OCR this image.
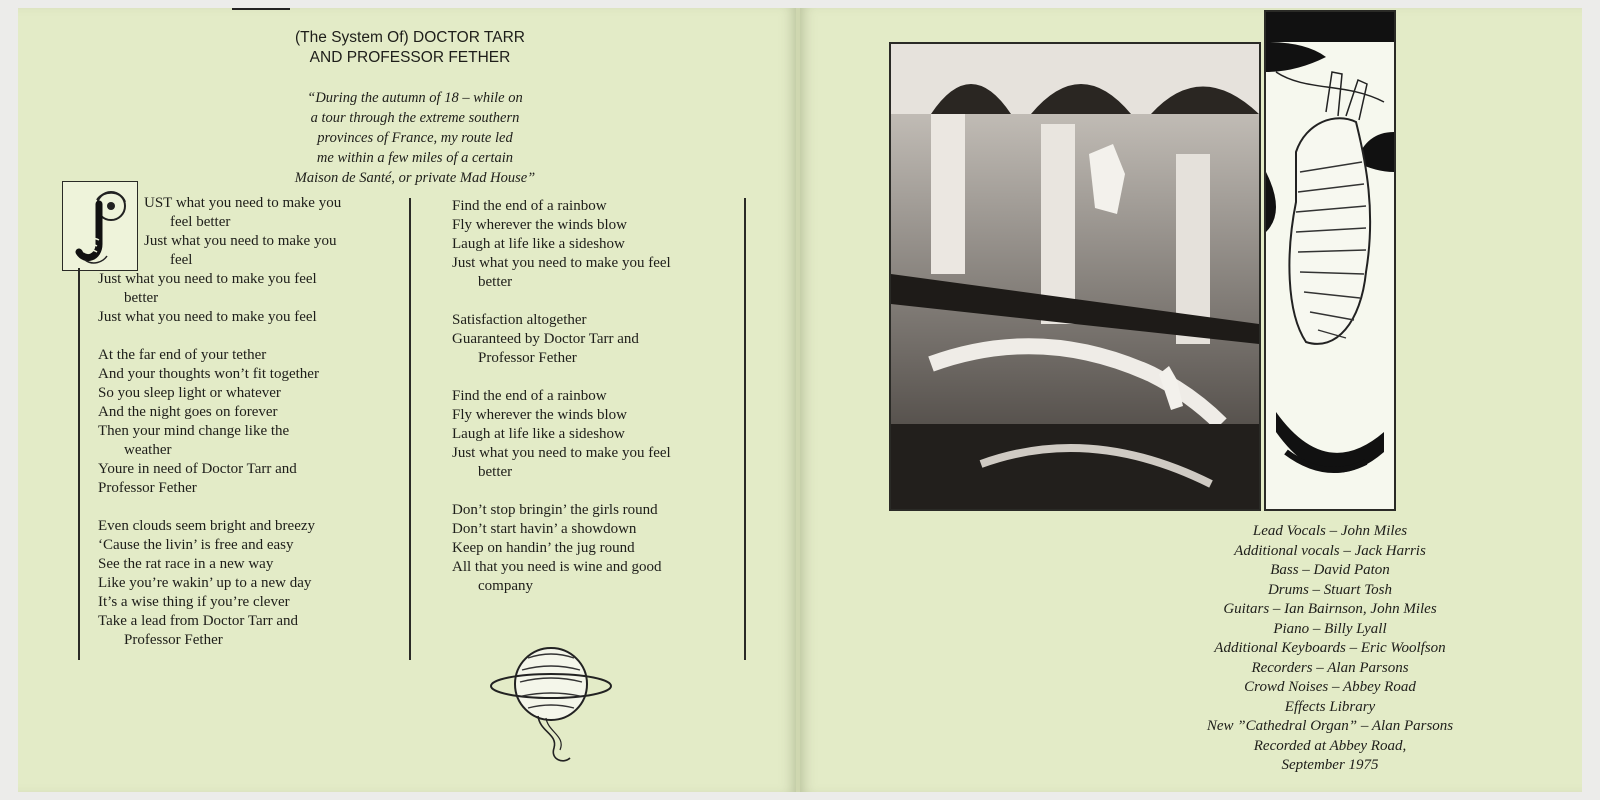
(The System Of) DOCTOR TARR
AND PROFESSOR FETHER
“During the autumn of 18 – while on
a tour through the extreme southern
provinces of France, my route led
me within a few miles of a certain
Maison de Santé, or private Mad House”
UST what you need to make you
feel better
Just what you need to make you
feel
Just what you need to make you feel
better
Just what you need to make you feel
At the far end of your tether
And your thoughts won’t fit together
So you sleep light or whatever
And the night goes on forever
Then your mind change like the
weather
Youre in need of Doctor Tarr and
Professor Fether
Even clouds seem bright and breezy
‘Cause the livin’ is free and easy
See the rat race in a new way
Like you’re wakin’ up to a new day
It’s a wise thing if you’re clever
Take a lead from Doctor Tarr and
Professor Fether
Find the end of a rainbow
Fly wherever the winds blow
Laugh at life like a sideshow
Just what you need to make you feel
better
Satisfaction altogether
Guaranteed by Doctor Tarr and
Professor Fether
Find the end of a rainbow
Fly wherever the winds blow
Laugh at life like a sideshow
Just what you need to make you feel
better
Don’t stop bringin’ the girls round
Don’t start havin’ a showdown
Keep on handin’ the jug round
All that you need is wine and good
company
Lead Vocals – John Miles
Additional vocals – Jack Harris
Bass – David Paton
Drums – Stuart Tosh
Guitars – Ian Bairnson, John Miles
Piano – Billy Lyall
Additional Keyboards – Eric Woolfson
Recorders – Alan Parsons
Crowd Noises – Abbey Road
Effects Library
New ”Cathedral Organ” – Alan Parsons
Recorded at Abbey Road,
September 1975
